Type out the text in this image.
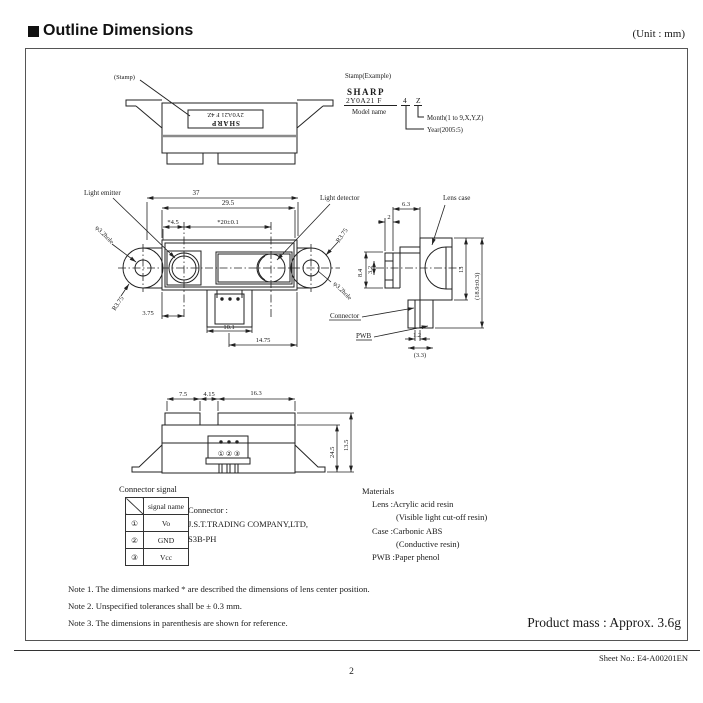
Outline Dimensions	(Unit : mm)
(Stamp)
SHARP
2Y0A21 F 4Z
Stamp(Example)
SHARP
2Y0A21 F	4 Z
Model name
Month(1 to 9,X,Y,Z)
Year(2005:5)
Light emitter
Light detector
37
29.5
*4.5	*20±0.1
φ3.2hole
φ3.2hole
R3.75
R3.75
3.75
10.1
14.75
6.3
2
Lens case
8.4 3.2	13
(18.9±0.3)
1.2
(3.3)
Connector
PWB
7.5	4.15	16.3
24.5
13.5
① ② ③
Connector signal
	signal name
①	Vo
②	GND
③	Vcc
Connector :
J.S.T.TRADING COMPANY,LTD,
S3B-PH
Materials
Lens :Acrylic acid resin
(Visible light cut-off resin)
Case :Carbonic ABS
(Conductive resin)
PWB :Paper phenol
Note 1. The dimensions marked * are described the dimensions of lens center position.
Note 2. Unspecified tolerances shall be ± 0.3 mm.
Note 3. The dimensions in parenthesis are shown for reference.	Product mass : Approx. 3.6g
Sheet No.: E4-A00201EN
2
